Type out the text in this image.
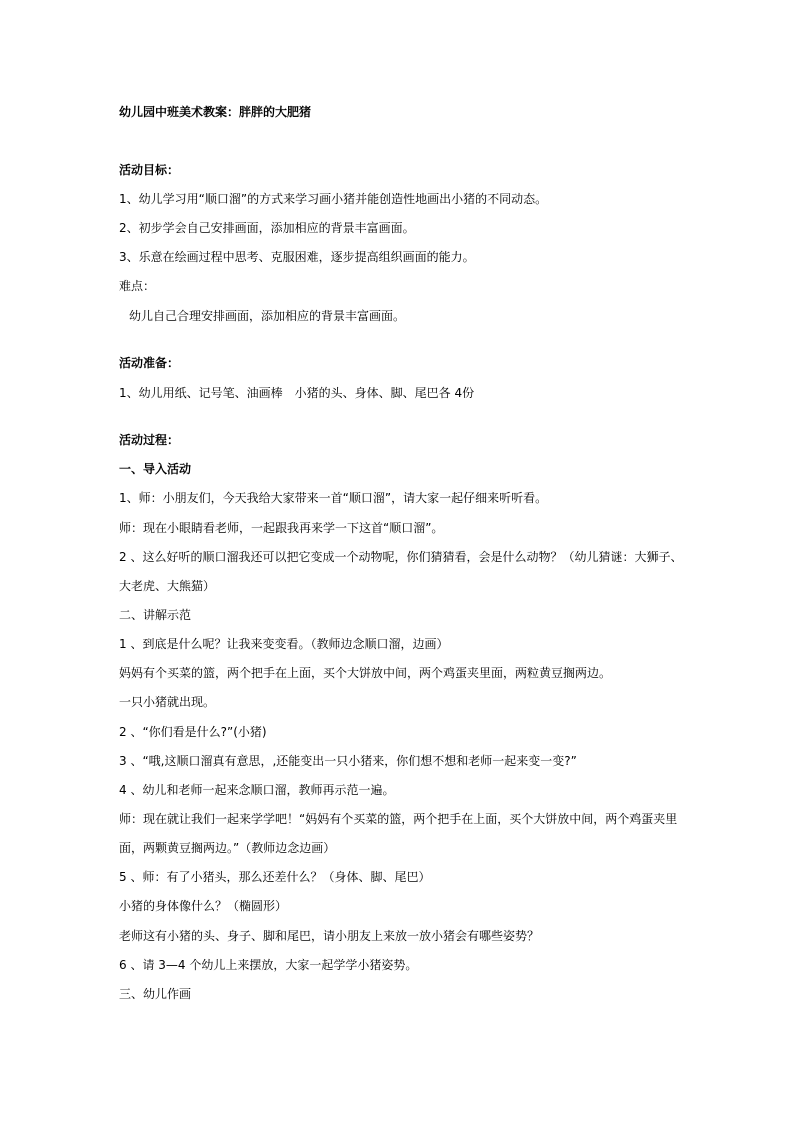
幼儿园中班美术教案：胖胖的大肥猪
活动目标：
1、幼儿学习用“顺口溜”的方式来学习画小猪并能创造性地画出小猪的不同动态。
2、初步学会自己安排画面，添加相应的背景丰富画面。
3、乐意在绘画过程中思考、克服困难，逐步提高组织画面的能力。
难点：
幼儿自己合理安排画面，添加相应的背景丰富画面。
活动准备：
1、幼儿用纸、记号笔、油画棒　小猪的头、身体、脚、尾巴各 4份
活动过程：
一、导入活动
1、师：小朋友们，今天我给大家带来一首“顺口溜”，请大家一起仔细来听听看。
师：现在小眼睛看老师，一起跟我再来学一下这首“顺口溜”。
2 、这么好听的顺口溜我还可以把它变成一个动物呢，你们猜猜看，会是什么动物？（幼儿猜谜：大狮子、
大老虎、大熊猫）
二、讲解示范
1 、到底是什么呢？让我来变变看。（教师边念顺口溜，边画）
妈妈有个买菜的篮，两个把手在上面，买个大饼放中间，两个鸡蛋夹里面，两粒黄豆搁两边。
一只小猪就出现。
2 、“你们看是什么?”(小猪)
3 、“哦,这顺口溜真有意思，,还能变出一只小猪来，你们想不想和老师一起来变一变?”
4 、幼儿和老师一起来念顺口溜，教师再示范一遍。
师：现在就让我们一起来学学吧！“妈妈有个买菜的篮，两个把手在上面，买个大饼放中间，两个鸡蛋夹里
面，两颗黄豆搁两边。”（教师边念边画）
5 、师：有了小猪头，那么还差什么？（身体、脚、尾巴）
小猪的身体像什么？（椭圆形）
老师这有小猪的头、身子、脚和尾巴，请小朋友上来放一放小猪会有哪些姿势？
6 、请 3—4 个幼儿上来摆放，大家一起学学小猪姿势。
三、幼儿作画
